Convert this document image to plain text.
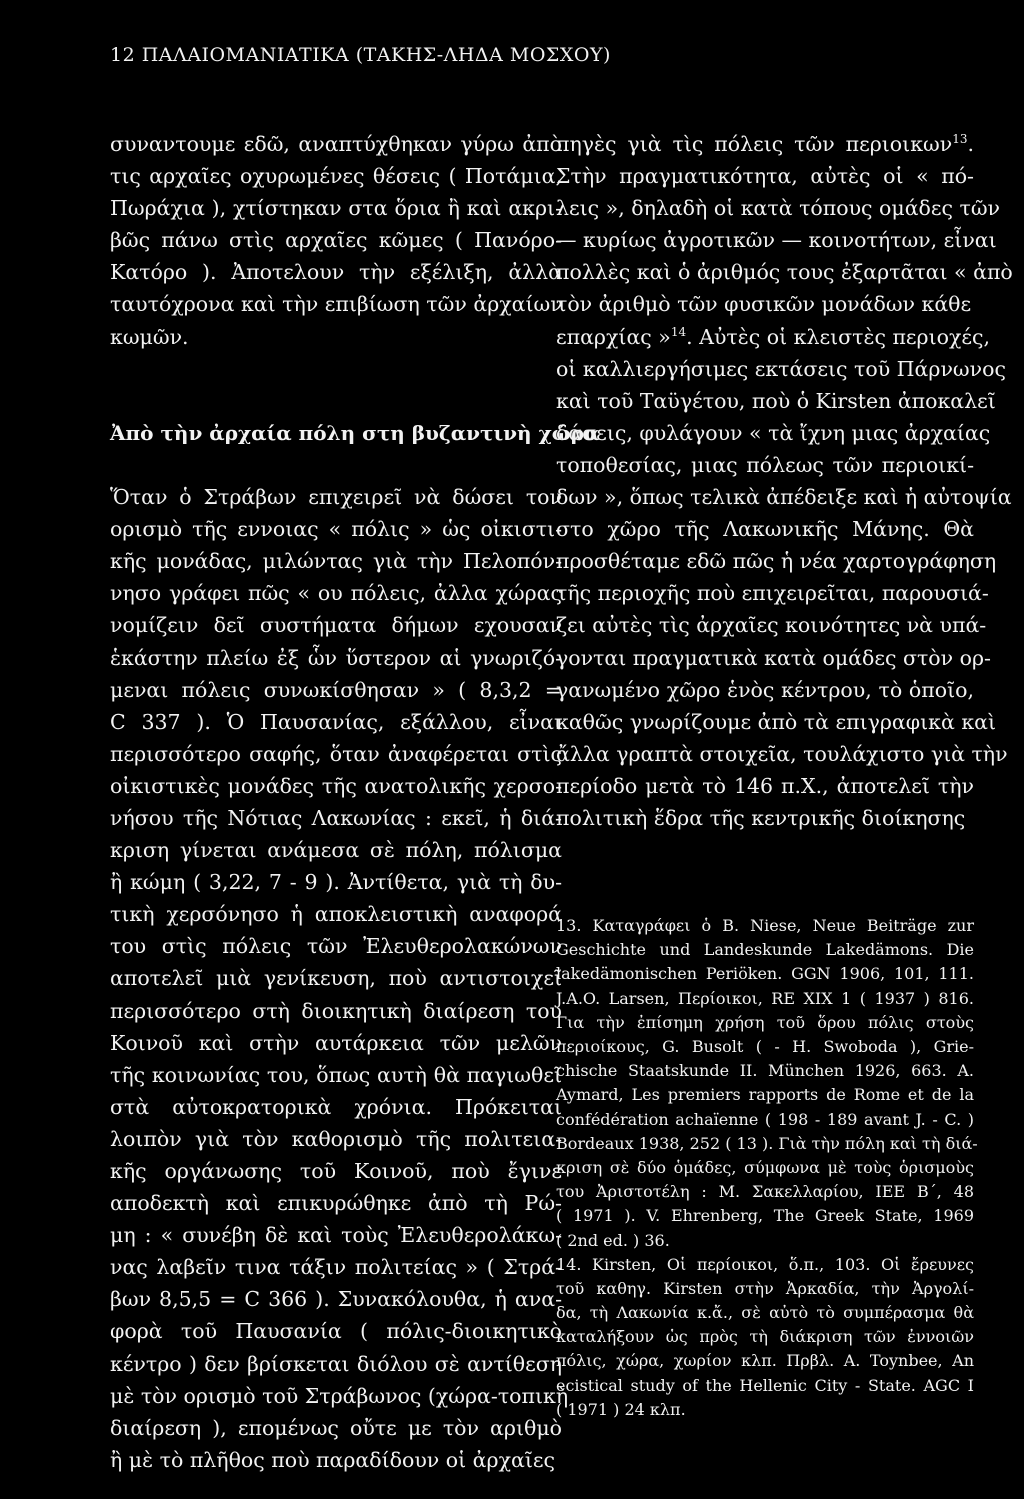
12 ΠΑΛΑΙΟΜΑΝΙΑΤΙΚΑ (ΤΑΚΗΣ-ΛΗΔΑ ΜΟΣΧΟΥ)
συναντουμε εδῶ, αναπτύχθηκαν γύρω ἀπὸ
τις αρχαῖες οχυρωμένες θέσεις ( Ποτάμια,
Πωράχια ), χτίστηκαν στα ὅρια ἢ καὶ ακρι-
βῶς πάνω στὶς αρχαῖες κῶμες ( Πανόρο-
Κατόρο ). Ἀποτελουν τὴν εξέλιξη, ἀλλὰ
ταυτόχρονα καὶ τὴν επιβίωση τῶν ἀρχαίων
κωμῶν.
Ἀπὸ τὴν ἀρχαία πόλη στη βυζαντινὴ χώρα
Ὅταν ὁ Στράβων επιχειρεῖ νὰ δώσει τον
ορισμὸ τῆς εννοιας « πόλις » ὡς οἰκιστι-
κῆς μονάδας, μιλώντας γιὰ τὴν Πελοπόν-
νησο γράφει πῶς « ου πόλεις, ἀλλα χώρας
νομίζειν δεῖ συστήματα δήμων εχουσαν
ἑκάστην πλείω ἐξ ὧν ὕστερον αἱ γνωριζό-
μεναι πόλεις συνωκίσθησαν » ( 8,3,2 =
C 337 ). Ὁ Παυσανίας, εξάλλου, εἶναι
περισσότερο σαφής, ὅταν ἀναφέρεται στὶς
οἰκιστικὲς μονάδες τῆς ανατολικῆς χερσο-
νήσου τῆς Νότιας Λακωνίας : εκεῖ, ἡ διά-
κριση γίνεται ανάμεσα σὲ πόλη, πόλισμα
ἢ κώμη ( 3,22, 7 - 9 ). Ἀντίθετα, γιὰ τὴ δυ-
τικὴ χερσόνησο ἡ αποκλειστικὴ αναφορά
του στὶς πόλεις τῶν Ἐλευθερολακώνων
αποτελεῖ μιὰ γενίκευση, ποὺ αντιστοιχεῖ
περισσότερο στὴ διοικητικὴ διαίρεση του
Κοινοῦ καὶ στὴν αυτάρκεια τῶν μελῶν
τῆς κοινωνίας του, ὅπως αυτὴ θὰ παγιωθεῖ
στὰ αὐτοκρατορικὰ χρόνια. Πρόκειται
λοιπὸν γιὰ τὸν καθορισμὸ τῆς πολιτεια-
κῆς οργάνωσης τοῦ Κοινοῦ, ποὺ ἔγινε
αποδεκτὴ καὶ επικυρώθηκε ἀπὸ τὴ Ρώ-
μη : « συνέβη δὲ καὶ τοὺς Ἐλευθερολάκω-
νας λαβεῖν τινα τάξιν πολιτείας » ( Στρά-
βων 8,5,5 = C 366 ). Συνακόλουθα, ἡ ανα-
φορὰ τοῦ Παυσανία ( πόλις-διοικητικὸ
κέντρο ) δεν βρίσκεται διόλου σὲ αντίθεση
μὲ τὸν ορισμὸ τοῦ Στράβωνος (χώρα-τοπικὴ
διαίρεση ), επομένως οὔτε με τὸν αριθμὸ
ἢ μὲ τὸ πλῆθος ποὺ παραδίδουν οἱ ἀρχαῖες
πηγὲς γιὰ τὶς πόλεις τῶν περιοικων$^{13}$.
Στὴν πραγματικότητα, αὐτὲς οἱ « πό-
λεις », δηλαδὴ οἱ κατὰ τόπους ομάδες τῶν
— κυρίως ἀγροτικῶν — κοινοτήτων, εἶναι
πολλὲς καὶ ὁ ἀριθμός τους ἐξαρτᾶται « ἀπὸ
τὸν ἀριθμὸ τῶν φυσικῶν μονάδων κάθε
επαρχίας »$^{14}$. Αὐτὲς οἱ κλειστὲς περιοχές,
οἱ καλλιεργήσιμες εκτάσεις τοῦ Πάρνωνος
καὶ τοῦ Ταϋγέτου, ποὺ ὁ Kirsten ἀποκαλεῖ
δάσεις, φυλάγουν « τὰ ἴχνη μιας ἀρχαίας
τοποθεσίας, μιας πόλεως τῶν περιοικί-
δων », ὅπως τελικὰ ἀπέδειξε καὶ ἡ αὐτοψία
στο χῶρο τῆς Λακωνικῆς Μάνης. Θὰ
προσθέταμε εδῶ πῶς ἡ νέα χαρτογράφηση
τῆς περιοχῆς ποὺ επιχειρεῖται, παρουσιά-
ζει αὐτὲς τὶς ἀρχαῖες κοινότητες νὰ υπά-
γονται πραγματικὰ κατὰ ομάδες στὸν ορ-
γανωμένο χῶρο ἑνὸς κέντρου, τὸ ὁποῖο,
καθῶς γνωρίζουμε ἀπὸ τὰ επιγραφικὰ καὶ
ἄλλα γραπτὰ στοιχεῖα, τουλάχιστο γιὰ τὴν
περίοδο μετὰ τὸ 146 π.Χ., ἀποτελεῖ τὴν
πολιτικὴ ἕδρα τῆς κεντρικῆς διοίκησης
13. Καταγράφει ὁ B. Niese, Neue Beiträge zur
Geschichte und Landeskunde Lakedämons. Die
lakedämonischen Periöken. GGN 1906, 101, 111.
J.A.O. Larsen, Περίοικοι, RE XIX 1 ( 1937 ) 816.
Για τὴν ἐπίσημη χρήση τοῦ ὅρου πόλις στοὺς
περιοίκους, G. Busolt ( - H. Swoboda ), Grie-
chische Staatskunde II. München 1926, 663. A.
Aymard, Les premiers rapports de Rome et de la
confédération achaïenne ( 198 - 189 avant J. - C. )
Bordeaux 1938, 252 ( 13 ). Γιὰ τὴν πόλη καὶ τὴ διά-
κριση σὲ δύο ὁμάδες, σύμφωνα μὲ τοὺς ὁρισμοὺς
του Ἀριστοτέλη : Μ. Σακελλαρίου, ΙΕΕ Β΄, 48
( 1971 ). V. Ehrenberg, The Greek State, 1969
( 2nd ed. ) 36.
14. Kirsten, Οἱ περίοικοι, ὅ.π., 103. Οἱ ἔρευνες
τοῦ καθηγ. Kirsten στὴν Ἀρκαδία, τὴν Ἀργολί-
δα, τὴ Λακωνία κ.ἄ., σὲ αὐτὸ τὸ συμπέρασμα θὰ
καταλήξουν ὡς πρὸς τὴ διάκριση τῶν ἐννοιῶν
πόλις, χώρα, χωρίον κλπ. Πρβλ. A. Toynbee, An
ecistical study of the Hellenic City - State. AGC I
( 1971 ) 24 κλπ.
